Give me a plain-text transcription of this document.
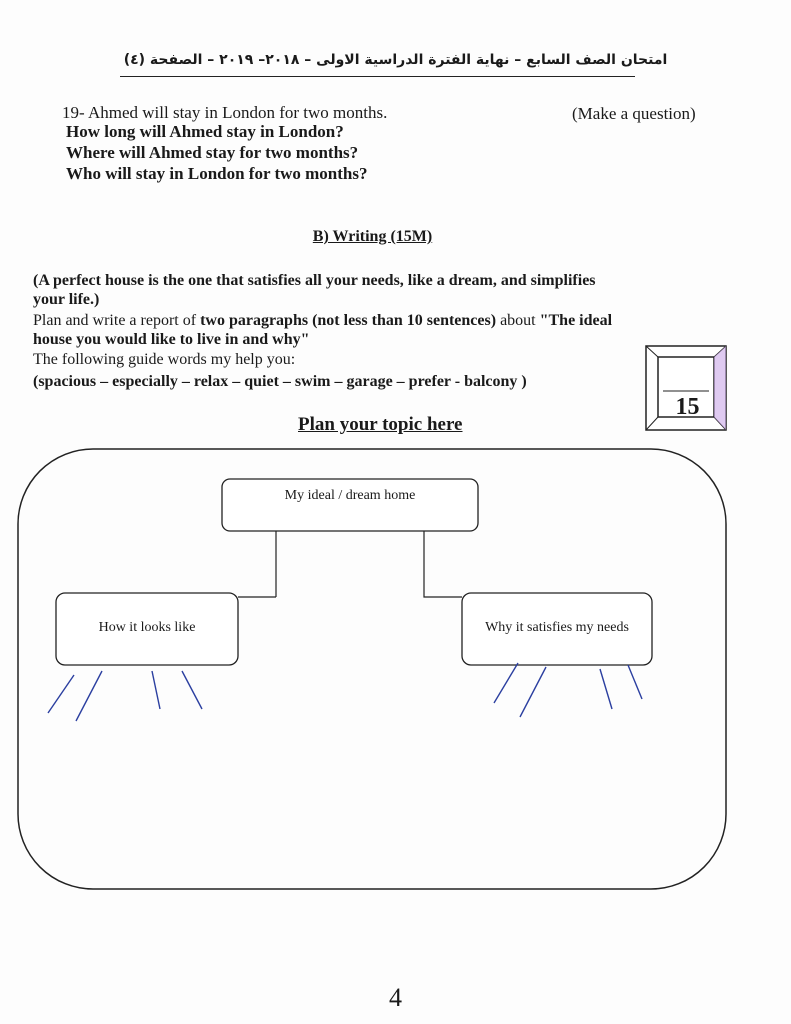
امتحان الصف السابع – نهاية الفترة الدراسية الاولى – ٢٠١٨– ٢٠١٩ – الصفحة (٤)
19- Ahmed will stay in London for two months.	(Make a question)
How long will Ahmed stay in London?
Where will Ahmed stay for two months?
Who will stay in London for two months?
B) Writing (15M)
(A perfect house is the one that satisfies all your needs, like a dream, and simplifies
your life.)
Plan and write a report of two paragraphs (not less than 10 sentences) about "The ideal
house you would like to live in and why"
The following guide words my help you:
(spacious – especially – relax – quiet – swim – garage – prefer - balcony )
15
Plan your topic here
My ideal / dream home
How it looks like	Why it satisfies my needs
4
